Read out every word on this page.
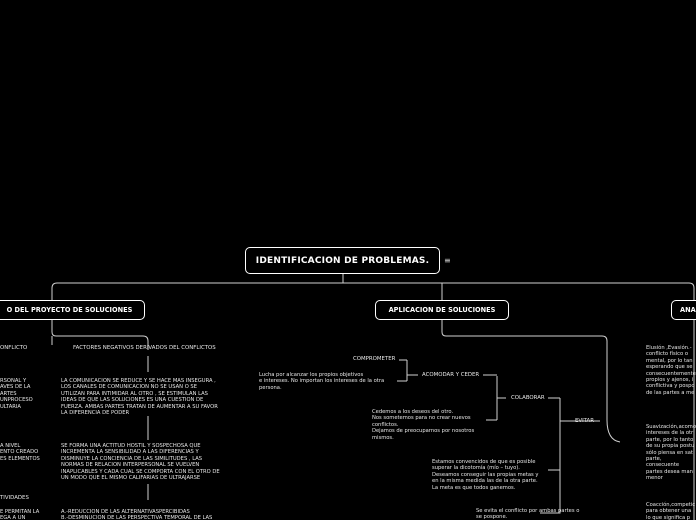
IDENTIFICACION DE PROBLEMAS. ≡
O DEL PROYECTO DE SOLUCIONES	APLICACION DE SOLUCIONES	ANA
ONFLICTO	FACTORES NEGATIVOS DERIVADOS DEL CONFLICTOS
RSONAL Y
AVES DE LA
ARTES
UNPROCESO
ULTARIA
A NIVEL
ENTO CREADO
ES ELEMENTOS
TIVIDADES
E PERMITAN LA
EGA A UN
LA COMUNICACION SE REDUCE Y SE HACE MAS INSEGURA ,
LOS CANALES DE COMUNICACION NO SE USAN O SE
UTILIZAN PARA INTIMIDAR AL OTRO , SE ESTIMULAN LAS
IDEAS DE QUE LAS SOLUCIONES ES UNA CUESTION DE
FUERZA. AMBAS PARTES TRATAN DE AUMENTAR A SU FAVOR
LA DIFERENCIA DE PODER
SE FORMA UNA ACTITUD HOSTIL Y SOSPECHOSA QUE
INCREMENTA LA SENSIBILIDAD A LAS DIFERENCIAS Y
DISMINUYE LA CONCIENCIA DE LAS SIMILITUDES , LAS
NORMAS DE RELACION INTERPERSONAL SE VUELVEN
INAPLICABLES Y CADA CUAL SE COMPORTA CON EL OTRO DE
UN MODO QUE EL MISMO CALIFARIAS DE ULTRAJARSE
A.-REDUCCION DE LAS ALTERNATIVASPERCIBIDAS
B.-DESMINUCION DE LAS PERSPECTIVA TEMPORAL DE LAS
COMPROMETER
ACOMODAR Y CEDER
COLABORAR
EVITAR
Lucha por alcanzar los propios objetivos
e intereses. No importan los intereses de la otra
persona.
Cedemos a los deseos del otro.
Nos sometemos para no crear nuevos
conflictos.
Dejamos de preocuparnos por nosotros
mismos.
Estamos convencidos de que es posible
superar la dicotomía (mío – tuyo).
Deseamos conseguir las propias metas y
en la misma medida las de la otra parte.
La meta es que todos ganemos.
Se evita el conflicto por ambas partes o
se pospone.
Elusión ,Evasión.-
conflicto físico o
mental, por lo tan
esperando que se
consecuentemente
propios y ajenos, i
conflictiva y pospo
de las partes a me
Suavización,acomo
intereses de la otr
parte, por lo tanto
de su propia postu
sólo piensa en sat
parte, consecuente
partes desea man
menor
Coacción,competic
para obtener una
lo que significa p
